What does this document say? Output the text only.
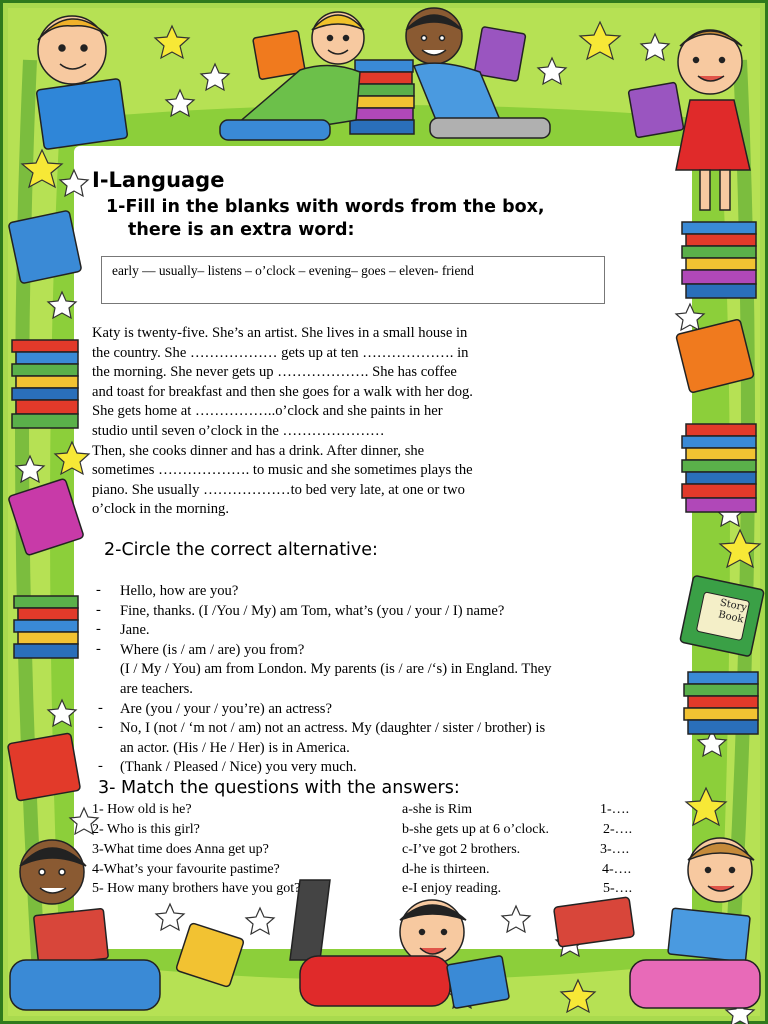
Story
Book
I-Language
1-Fill in the blanks with words from the box,
there is an extra word:
early — usually– listens – o’clock – evening– goes – eleven- friend
Katy is twenty-five. She’s an artist. She lives in a small house in
the country. She ……………… gets up at ten ………………. in
the morning. She never gets up ………………. She has coffee
and toast for breakfast and then she goes for a walk with her dog.
She gets home at ……………..o’clock and she paints in her
studio until seven o’clock in the …………………
Then, she cooks dinner and has a drink. After dinner, she
sometimes ………………. to music and she sometimes plays the
piano. She usually ………………to bed very late, at one or two
o’clock in the morning.
2-Circle the correct alternative:
Hello, how are you?
Fine, thanks. (I /You / My) am Tom, what’s (you / your / I) name?
Jane.
Where (is / am / are) you from?
(I / My / You) am from London. My parents (is / are /‘s) in England. They
are teachers.
Are (you / your / you’re) an actress?
No, I (not / ‘m not / am) not an actress. My (daughter / sister / brother) is
an actor. (His / He / Her) is in America.
(Thank / Pleased / Nice) you very much.
-
-
-
-
-
-
-
3- Match the questions with the answers:
1- How old is he?
2- Who is this girl?
3-What time does Anna get up?
4-What’s your favourite pastime?
5- How many brothers have you got?
a-she is Rim
b-she gets up at 6 o’clock.
c-I’ve got 2 brothers.
d-he is thirteen.
e-I enjoy reading.
1-….
2-….
3-….
4-….
5-….
